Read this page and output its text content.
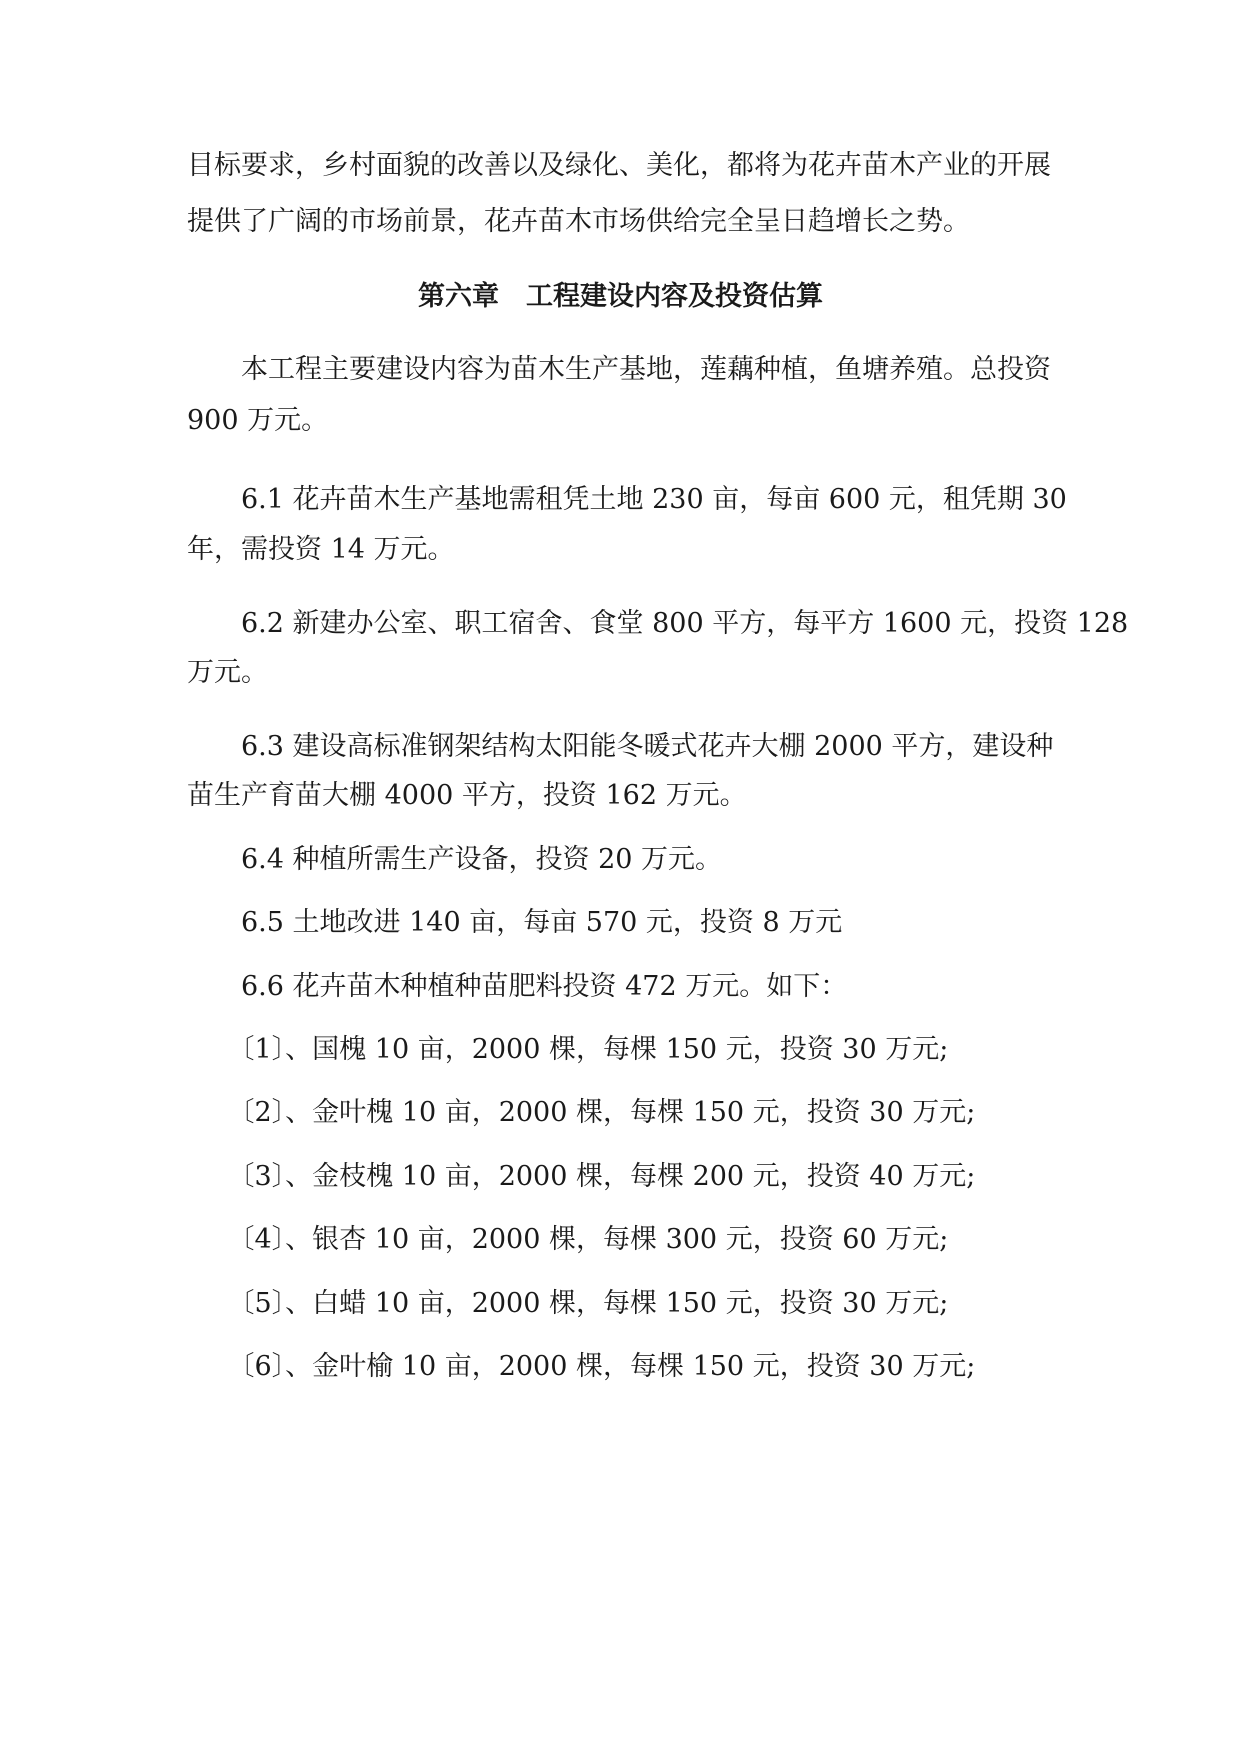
目标要求，乡村面貌的改善以及绿化、美化，都将为花卉苗木产业的开展
提供了广阔的市场前景，花卉苗木市场供给完全呈日趋增长之势。
第六章　工程建设内容及投资估算
　　本工程主要建设内容为苗木生产基地，莲藕种植，鱼塘养殖。总投资
900 万元。
　　6.1 花卉苗木生产基地需租凭土地 230 亩，每亩 600 元，租凭期 30
年，需投资 14 万元。
　　6.2 新建办公室、职工宿舍、食堂 800 平方，每平方 1600 元，投资 128
万元。
　　6.3 建设高标准钢架结构太阳能冬暖式花卉大棚 2000 平方，建设种
苗生产育苗大棚 4000 平方，投资 162 万元。
　　6.4 种植所需生产设备，投资 20 万元。
　　6.5 土地改进 140 亩，每亩 570 元，投资 8 万元
　　6.6 花卉苗木种植种苗肥料投资 472 万元。如下：
　　〔1〕、国槐 10 亩，2000 棵，每棵 150 元，投资 30 万元;
　　〔2〕、金叶槐 10 亩，2000 棵，每棵 150 元，投资 30 万元;
　　〔3〕、金枝槐 10 亩，2000 棵，每棵 200 元，投资 40 万元;
　　〔4〕、银杏 10 亩，2000 棵，每棵 300 元，投资 60 万元;
　　〔5〕、白蜡 10 亩，2000 棵，每棵 150 元，投资 30 万元;
　　〔6〕、金叶榆 10 亩，2000 棵，每棵 150 元，投资 30 万元;
